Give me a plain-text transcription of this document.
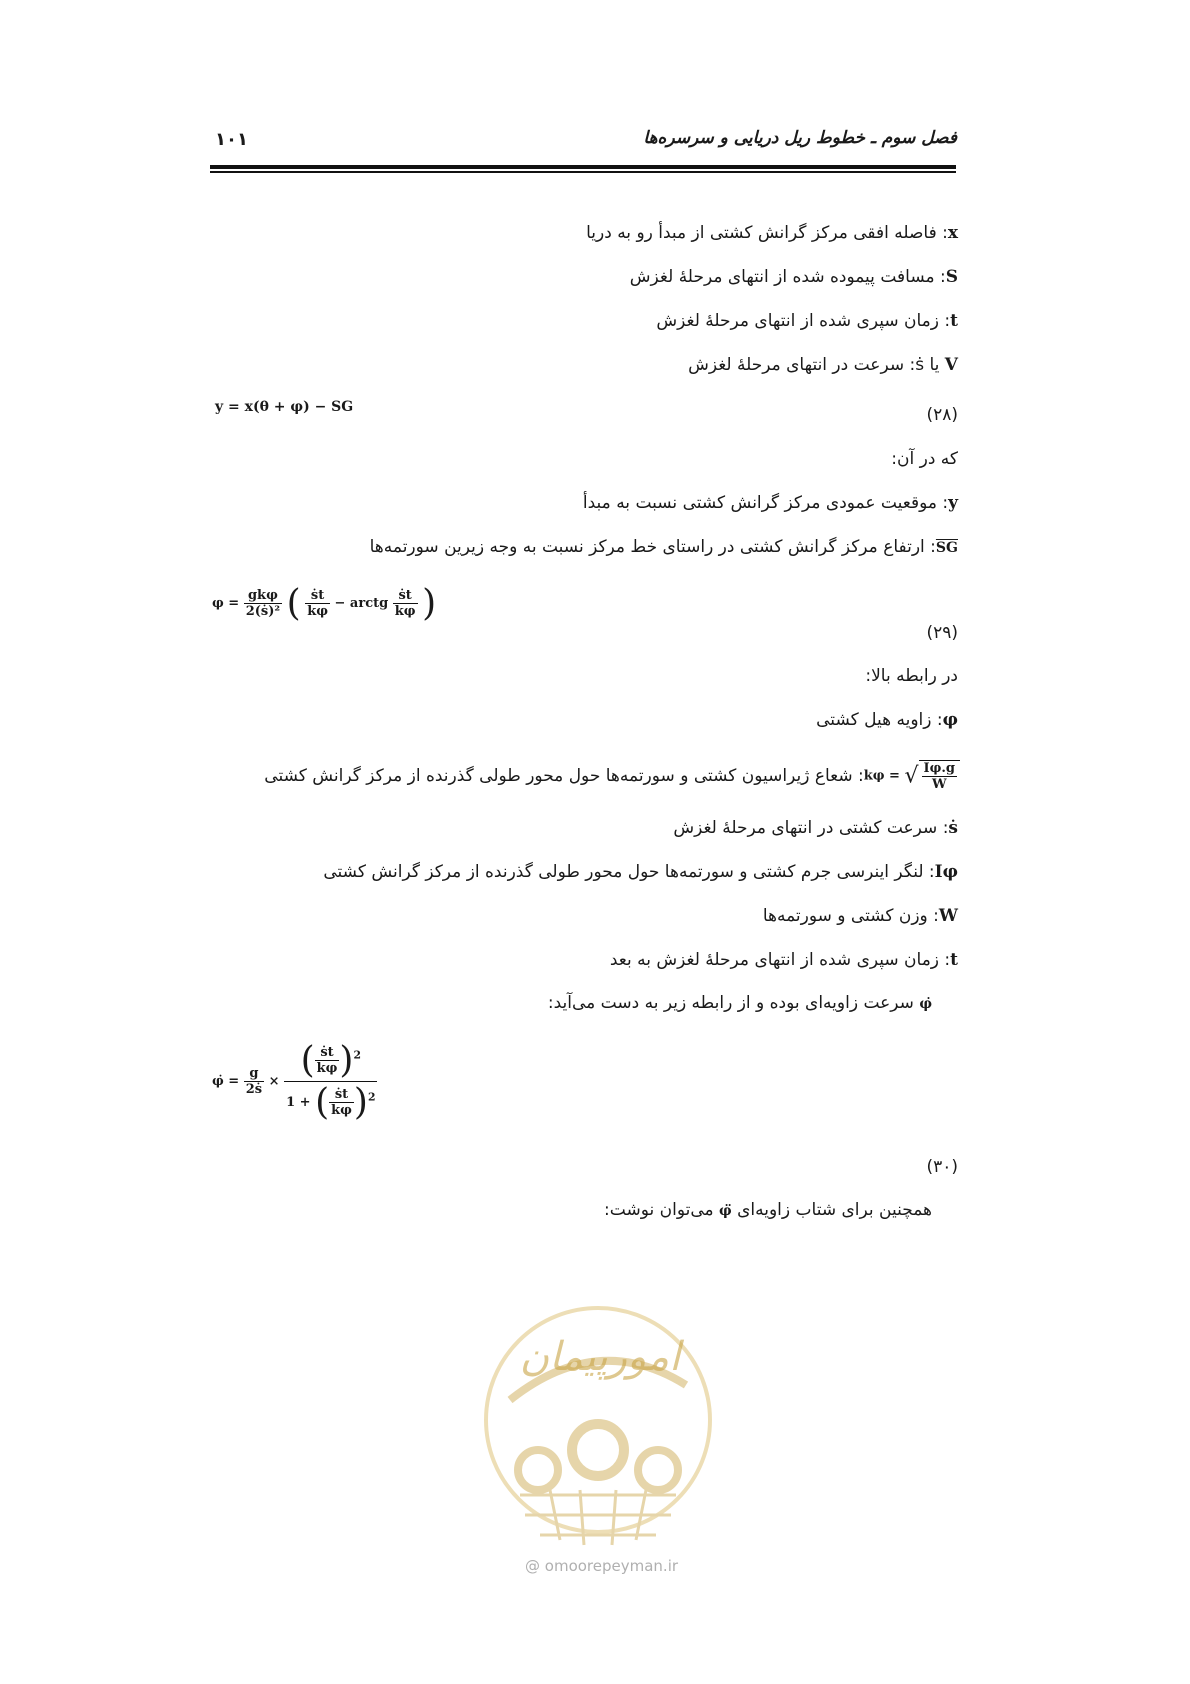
فصل سوم ـ خطوط ریل دریایی و سرسره‌ها
۱۰۱
x: فاصله افقی مرکز گرانش کشتی از مبدأ رو به دریا
S: مسافت پیموده شده از انتهای مرحلهٔ لغزش
t: زمان سپری شده از انتهای مرحلهٔ لغزش
V یا ṡ: سرعت در انتهای مرحلهٔ لغزش
y = x(θ + φ) − SG	(۲۸)
که در آن:
y: موقعیت عمودی مرکز گرانش کشتی نسبت به مبدأ
SG: ارتفاع مرکز گرانش کشتی در راستای خط مرکز نسبت به وجه زیرین سورتمه‌ها
$\varphi = \frac{\text{gkφ}}{\text{2(ṡ)²}}$ ( $\frac{\text{ṡt}}{k\varphi}$ − arctg $\frac{\text{ṡt}}{k\varphi}$ )
(۲۹)
در رابطه بالا:
φ: زاویه هیل کشتی
kφ = √ $\frac{I\varphi.g}{W}$
: شعاع ژیراسیون کشتی و سورتمه‌ها حول محور طولی گذرنده از مرکز گرانش کشتی
ṡ: سرعت کشتی در انتهای مرحلهٔ لغزش
Iφ: لنگر اینرسی جرم کشتی و سورتمه‌ها حول محور طولی گذرنده از مرکز گرانش کشتی
W: وزن کشتی و سورتمه‌ها
t: زمان سپری شده از انتهای مرحلهٔ لغزش به بعد
φ̇ سرعت زاویه‌ای بوده و از رابطه زیر به دست می‌آید:
φ̇ = $\frac{g}{\text{2ṡ}} \times \frac{( \frac{\text{ṡt}}{k\varphi} )^2}{1 + ( \frac{\text{ṡt}}{k\varphi} )^2}$
(۳۰)
همچنین برای شتاب زاویه‌ای φ̈ می‌توان نوشت:
امورپیمان
@ omoorepeyman.ir
